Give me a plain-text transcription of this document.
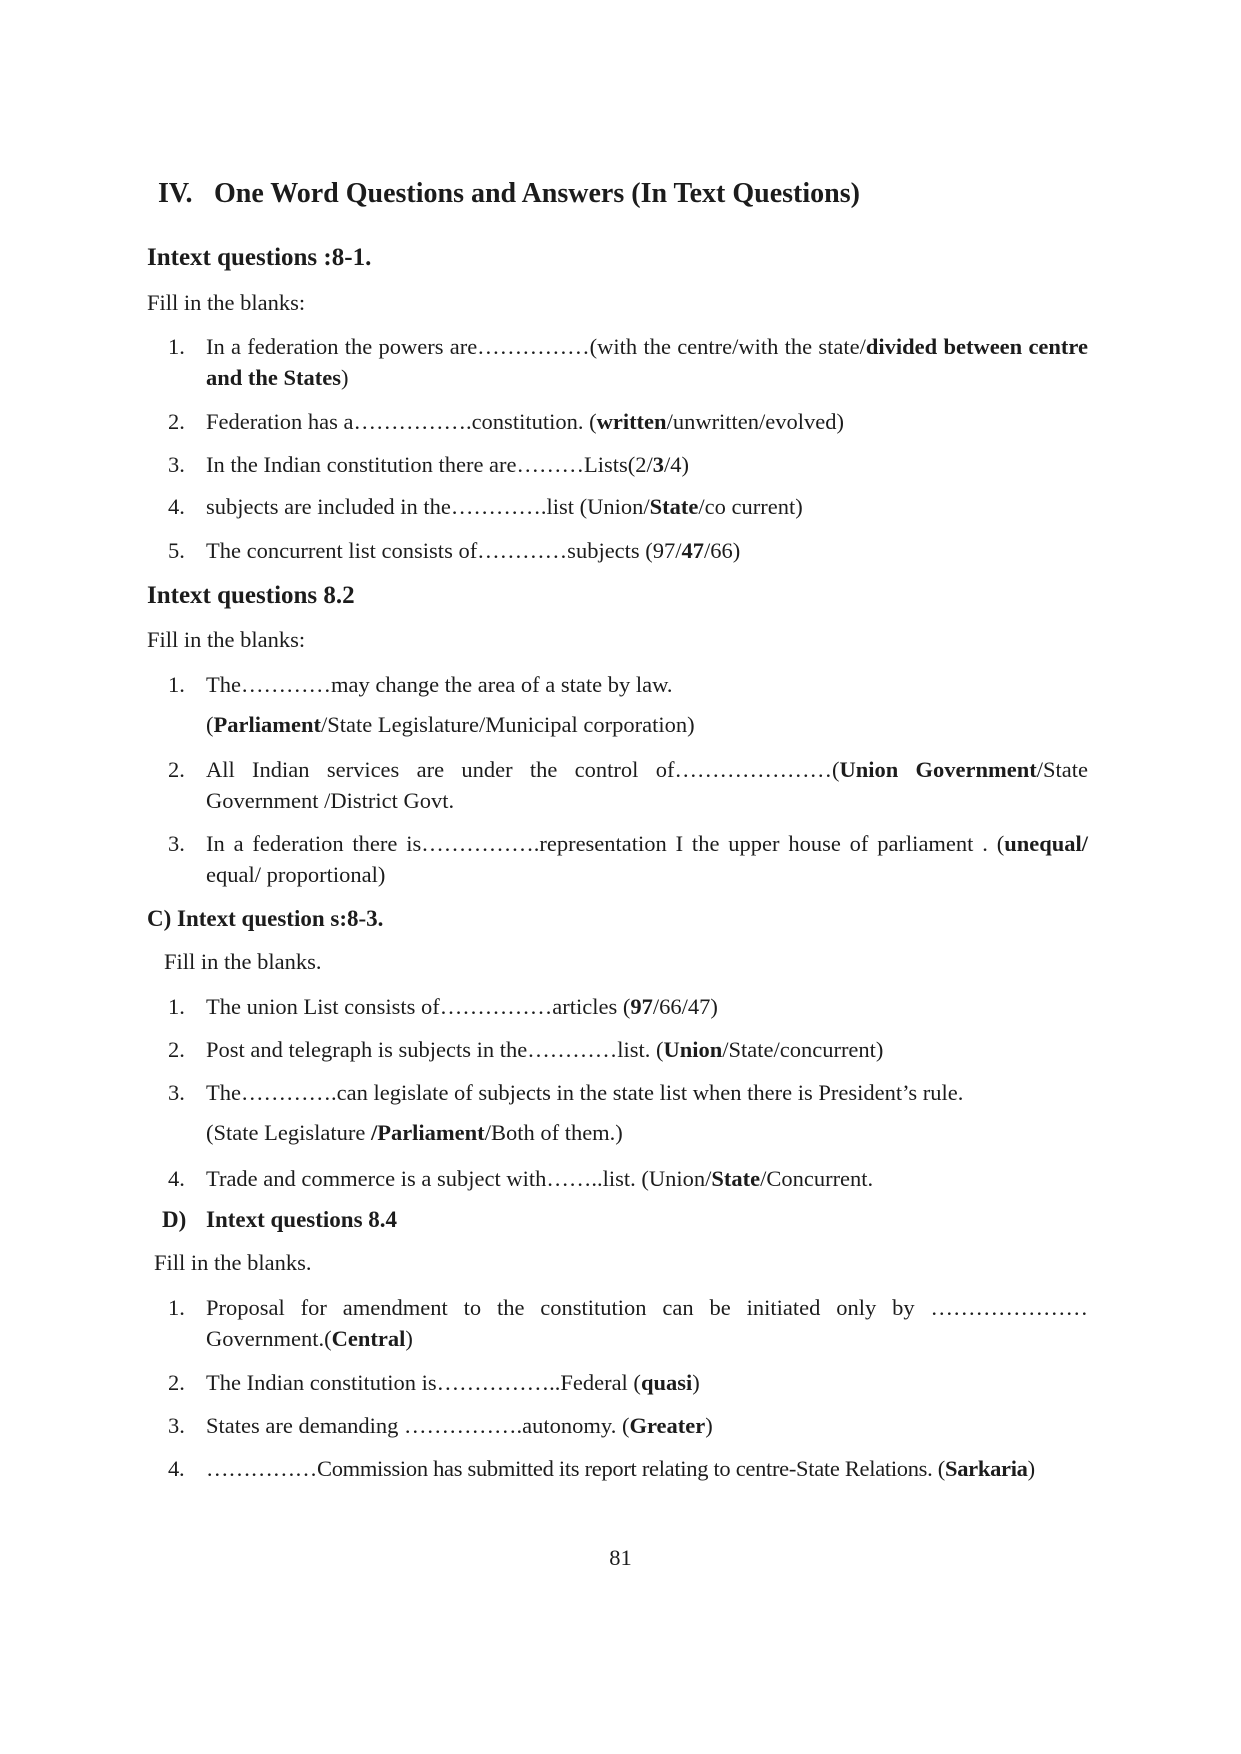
IV. One Word Questions and Answers (In Text Questions)
Intext questions :8-1.
Fill in the blanks:
1. In a federation the powers are……………(with the centre/with the state/divided between centre and the States)
2. Federation has a…………….constitution. (written/unwritten/evolved)
3. In the Indian constitution there are………Lists(2/3/4)
4. subjects are included in the………….list (Union/State/co current)
5. The concurrent list consists of…………subjects (97/47/66)
Intext questions 8.2
Fill in the blanks:
1. The…………may change the area of a state by law.
(Parliament/State Legislature/Municipal corporation)
2. All Indian services are under the control of…………………(Union Government/State Government /District Govt.
3. In a federation there is…………….representation I the upper house of parliament . (unequal/ equal/ proportional)
C) Intext question s:8-3.
Fill in the blanks.
1. The union List consists of……………articles (97/66/47)
2. Post and telegraph is subjects in the…………list. (Union/State/concurrent)
3. The………….can legislate of subjects in the state list when there is President’s rule.
(State Legislature /Parliament/Both of them.)
4. Trade and commerce is a subject with……..list. (Union/State/Concurrent.
D) Intext questions 8.4
Fill in the blanks.
1. Proposal for amendment to the constitution can be initiated only by ………………… Government.(Central)
2. The Indian constitution is……………..Federal (quasi)
3. States are demanding …………….autonomy. (Greater)
4. ……………Commission has submitted its report relating to centre-State Relations. (Sarkaria)
81
